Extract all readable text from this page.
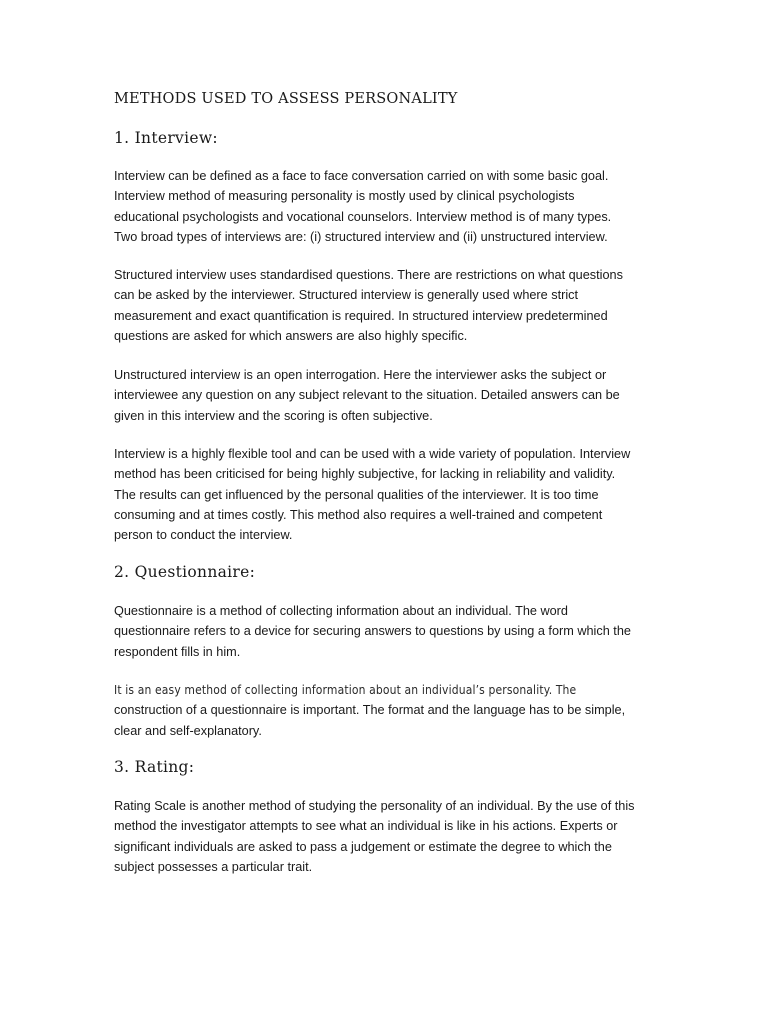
METHODS USED TO ASSESS PERSONALITY
1. Interview:

Interview can be defined as a face to face conversation carried on with some basic goal.
Interview method of measuring personality is mostly used by clinical psychologists
educational psychologists and vocational counselors. Interview method is of many types.
Two broad types of interviews are: (i) structured interview and (ii) unstructured interview.

Structured interview uses standardised questions. There are restrictions on what questions
can be asked by the interviewer. Structured interview is generally used where strict
measurement and exact quantification is required. In structured interview predetermined
questions are asked for which answers are also highly specific.

Unstructured interview is an open interrogation. Here the interviewer asks the subject or
interviewee any question on any subject relevant to the situation. Detailed answers can be
given in this interview and the scoring is often subjective.

Interview is a highly flexible tool and can be used with a wide variety of population. Interview
method has been criticised for being highly subjective, for lacking in reliability and validity.
The results can get influenced by the personal qualities of the interviewer. It is too time
consuming and at times costly. This method also requires a well-trained and competent
person to conduct the interview.

2. Questionnaire:

Questionnaire is a method of collecting information about an individual. The word
questionnaire refers to a device for securing answers to questions by using a form which the
respondent fills in him.

It is an easy method of collecting information about an individual’s personality. The
construction of a questionnaire is important. The format and the language has to be simple,
clear and self-explanatory.

3. Rating:

Rating Scale is another method of studying the personality of an individual. By the use of this
method the investigator attempts to see what an individual is like in his actions. Experts or
significant individuals are asked to pass a judgement or estimate the degree to which the
subject possesses a particular trait.
